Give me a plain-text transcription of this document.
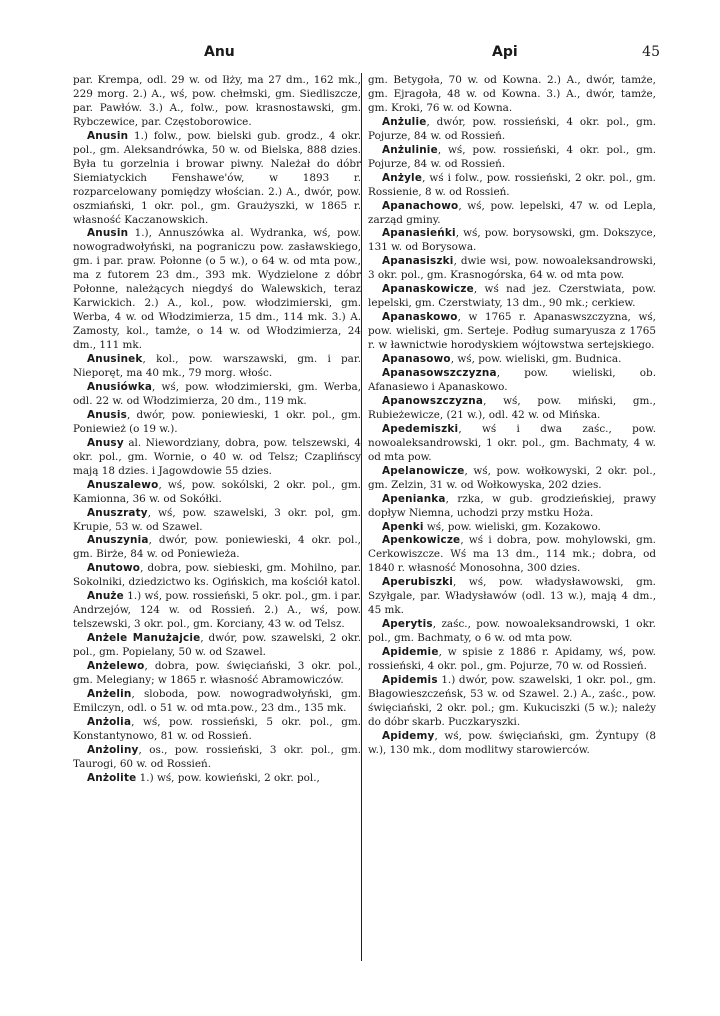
Anu	Api	45

par. Krempa, odl. 29 w. od Iłży, ma 27 dm., 162 mk., 229 morg. 2.) A., wś, pow. chełmski, gm. Siedliszcze, par. Pawłów. 3.) A., folw., pow. krasnostawski, gm. Rybczewice, par. Częstoborowice.

Anusin 1.) folw., pow. bielski gub. grodz., 4 okr. pol., gm. Aleksandrówka, 50 w. od Bielska, 888 dzies. Była tu gorzelnia i browar piwny. Należał do dóbr Siemiatyckich Fenshawe'ów, w 1893 r. rozparcelowany pomiędzy włościan. 2.) A., dwór, pow. oszmiański, 1 okr. pol., gm. Graużyszki, w 1865 r. własność Kaczanowskich.

Anusin 1.), Annuszówka al. Wydranka, wś, pow. nowogradwołyński, na pograniczu pow. zasławskiego, gm. i par. praw. Połonne (o 5 w.), o 64 w. od mta pow., ma z futorem 23 dm., 393 mk. Wydzielone z dóbr Połonne, należących niegdyś do Walewskich, teraz Karwickich. 2.) A., kol., pow. włodzimierski, gm. Werba, 4 w. od Włodzimierza, 15 dm., 114 mk. 3.) A. Zamosty, kol., tamże, o 14 w. od Włodzimierza, 24 dm., 111 mk.

Anusinek, kol., pow. warszawski, gm. i par. Nieporęt, ma 40 mk., 79 morg. włośc.

Anusiówka, wś, pow. włodzimierski, gm. Werba, odl. 22 w. od Włodzimierza, 20 dm., 119 mk.

Anusis, dwór, pow. poniewieski, 1 okr. pol., gm. Poniewież (o 19 w.).

Anusy al. Niewordziany, dobra, pow. telszewski, 4 okr. pol., gm. Wornie, o 40 w. od Telsz; Czaplińscy mają 18 dzies. i Jagowdowie 55 dzies.

Anuszalewo, wś, pow. sokólski, 2 okr. pol., gm. Kamionna, 36 w. od Sokółki.

Anuszraty, wś, pow. szawelski, 3 okr. pol, gm. Krupie, 53 w. od Szawel.

Anuszynia, dwór, pow. poniewieski, 4 okr. pol., gm. Birże, 84 w. od Poniewieża.

Anutowo, dobra, pow. siebieski, gm. Mohilno, par. Sokolniki, dziedzictwo ks. Ogińskich, ma kościół katol.

Anuże 1.) wś, pow. rossieński, 5 okr. pol., gm. i par. Andrzejów, 124 w. od Rossień. 2.) A., wś, pow. telszewski, 3 okr. pol., gm. Korciany, 43 w. od Telsz.

Anżele Manużajcie, dwór, pow. szawelski, 2 okr. pol., gm. Popielany, 50 w. od Szawel.

Anżelewo, dobra, pow. święciański, 3 okr. pol., gm. Melegiany; w 1865 r. własność Abramowiczów.

Anżelin, sloboda, pow. nowogradwołyński, gm. Emilczyn, odl. o 51 w. od mta.pow., 23 dm., 135 mk.

Anżolia, wś, pow. rossieński, 5 okr. pol., gm. Konstantynowo, 81 w. od Rossień.

Anżoliny, os., pow. rossieński, 3 okr. pol., gm. Taurogi, 60 w. od Rossień.

Anżolite 1.) wś, pow. kowieński, 2 okr. pol.,

gm. Betygoła, 70 w. od Kowna. 2.) A., dwór, tamże, gm. Ejragoła, 48 w. od Kowna. 3.) A., dwór, tamże, gm. Kroki, 76 w. od Kowna.

Anżulie, dwór, pow. rossieński, 4 okr. pol., gm. Pojurze, 84 w. od Rossień.

Anżulinie, wś, pow. rossieński, 4 okr. pol., gm. Pojurze, 84 w. od Rossień.

Anżyle, wś i folw., pow. rossieński, 2 okr. pol., gm. Rossienie, 8 w. od Rossień.

Apanachowo, wś, pow. lepelski, 47 w. od Lepla, zarząd gminy.

Apanasieńki, wś, pow. borysowski, gm. Dokszyce, 131 w. od Borysowa.

Apanasiszki, dwie wsi, pow. nowoaleksandrowski, 3 okr. pol., gm. Krasnogórska, 64 w. od mta pow.

Apanaskowicze, wś nad jez. Czerstwiata, pow. lepelski, gm. Czerstwiaty, 13 dm., 90 mk.; cerkiew.

Apanaskowo, w 1765 r. Apanaswszczyzna, wś, pow. wieliski, gm. Serteje. Podług sumaryusza z 1765 r. w ławnictwie horodyskiem wójtowstwa sertejskiego.

Apanasowo, wś, pow. wieliski, gm. Budnica.

Apanasowszczyzna, pow. wieliski, ob. Afanasiewo i Apanaskowo.

Apanowszczyzna, wś, pow. miński, gm., Rubieżewicze, (21 w.), odl. 42 w. od Mińska.

Apedemiszki, wś i dwa zaśc., pow. nowoaleksandrowski, 1 okr. pol., gm. Bachmaty, 4 w. od mta pow.

Apelanowicze, wś, pow. wołkowyski, 2 okr. pol., gm. Zelzin, 31 w. od Wołkowyska, 202 dzies.

Apenianka, rzka, w gub. grodzieńskiej, prawy dopływ Niemna, uchodzi przy mstku Hoża.

Apenki wś, pow. wieliski, gm. Kozakowo.

Apenkowicze, wś i dobra, pow. mohylowski, gm. Cerkowiszcze. Wś ma 13 dm., 114 mk.; dobra, od 1840 r. własność Monosohna, 300 dzies.

Aperubiszki, wś, pow. władysławowski, gm. Szyłgale, par. Władysławów (odl. 13 w.), mają 4 dm., 45 mk.

Aperytis, zaśc., pow. nowoaleksandrowski, 1 okr. pol., gm. Bachmaty, o 6 w. od mta pow.

Apidemie, w spisie z 1886 r. Apidamy, wś, pow. rossieński, 4 okr. pol., gm. Pojurze, 70 w. od Rossień.

Apidemis 1.) dwór, pow. szawelski, 1 okr. pol., gm. Błagowieszczeńsk, 53 w. od Szawel. 2.) A., zaśc., pow. święciański, 2 okr. pol.; gm. Kukuciszki (5 w.); należy do dóbr skarb. Puczkaryszki.

Apidemy, wś, pow. święciański, gm. Żyntupy (8 w.), 130 mk., dom modlitwy starowierców.
